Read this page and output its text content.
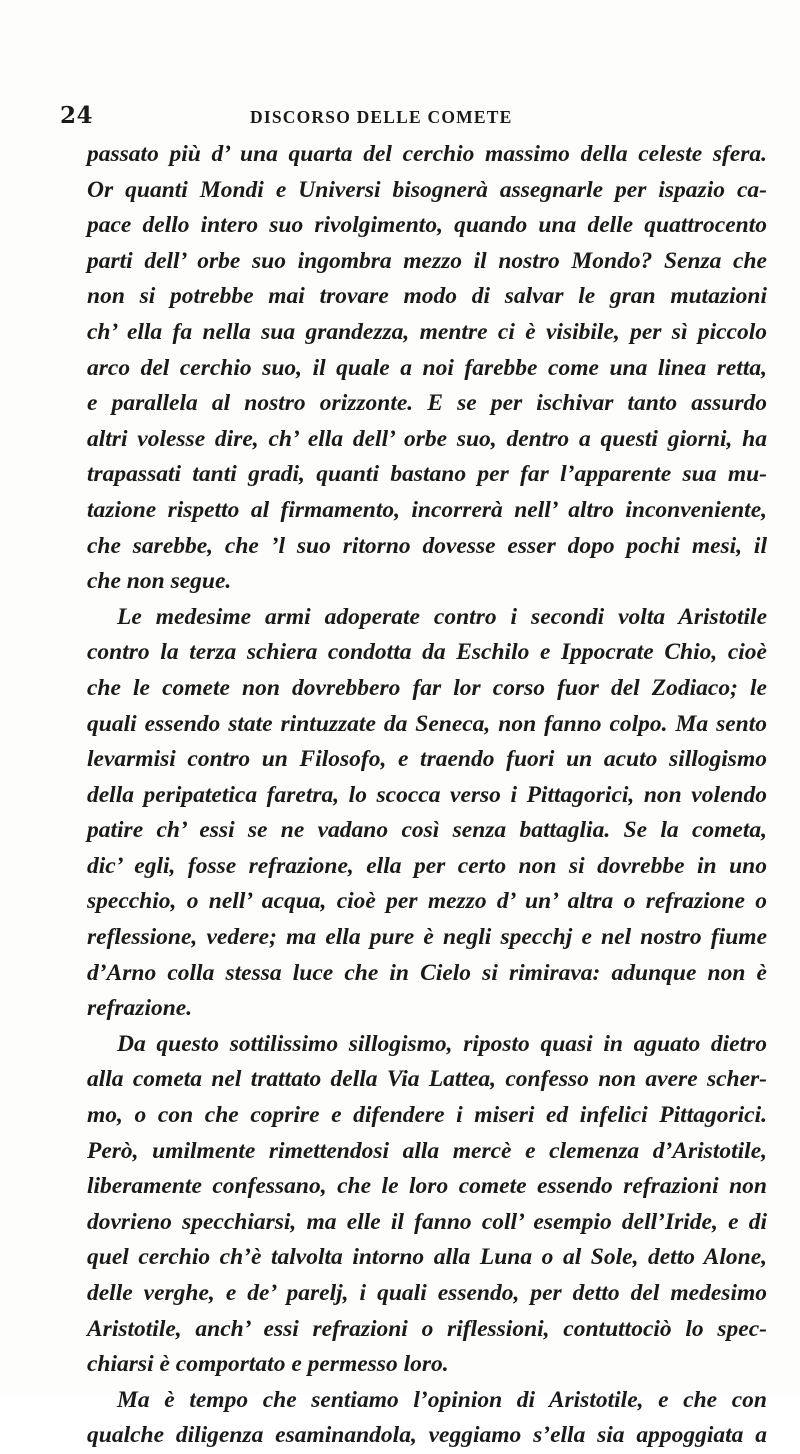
24	DISCORSO DELLE COMETE
passato più d’ una quarta del cerchio massimo della celeste sfera.
Or quanti Mondi e Universi bisognerà assegnarle per ispazio ca-
pace dello intero suo rivolgimento, quando una delle quattrocento
parti dell’ orbe suo ingombra mezzo il nostro Mondo? Senza che
non si potrebbe mai trovare modo di salvar le gran mutazioni
ch’ ella fa nella sua grandezza, mentre ci è visibile, per sì piccolo
arco del cerchio suo, il quale a noi farebbe come una linea retta,
e parallela al nostro orizzonte. E se per ischivar tanto assurdo
altri volesse dire, ch’ ella dell’ orbe suo, dentro a questi giorni, ha
trapassati tanti gradi, quanti bastano per far l’apparente sua mu-
tazione rispetto al firmamento, incorrerà nell’ altro inconveniente,
che sarebbe, che ’l suo ritorno dovesse esser dopo pochi mesi, il
che non segue.
Le medesime armi adoperate contro i secondi volta Aristotile
contro la terza schiera condotta da Eschilo e Ippocrate Chio, cioè
che le comete non dovrebbero far lor corso fuor del Zodiaco; le
quali essendo state rintuzzate da Seneca, non fanno colpo. Ma sento
levarmisi contro un Filosofo, e traendo fuori un acuto sillogismo
della peripatetica faretra, lo scocca verso i Pittagorici, non volendo
patire ch’ essi se ne vadano così senza battaglia. Se la cometa,
dic’ egli, fosse refrazione, ella per certo non si dovrebbe in uno
specchio, o nell’ acqua, cioè per mezzo d’ un’ altra o refrazione o
reflessione, vedere; ma ella pure è negli specchj e nel nostro fiume
d’Arno colla stessa luce che in Cielo si rimirava: adunque non è
refrazione.
Da questo sottilissimo sillogismo, riposto quasi in aguato dietro
alla cometa nel trattato della Via Lattea, confesso non avere scher-
mo, o con che coprire e difendere i miseri ed infelici Pittagorici.
Però, umilmente rimettendosi alla mercè e clemenza d’Aristotile,
liberamente confessano, che le loro comete essendo refrazioni non
dovrieno specchiarsi, ma elle il fanno coll’ esempio dell’Iride, e di
quel cerchio ch’è talvolta intorno alla Luna o al Sole, detto Alone,
delle verghe, e de’ parelj, i quali essendo, per detto del medesimo
Aristotile, anch’ essi refrazioni o riflessioni, contuttociò lo spec-
chiarsi è comportato e permesso loro.
Ma è tempo che sentiamo l’opinion di Aristotile, e che con
qualche diligenza esaminandola, veggiamo s’ella sia appoggiata a
